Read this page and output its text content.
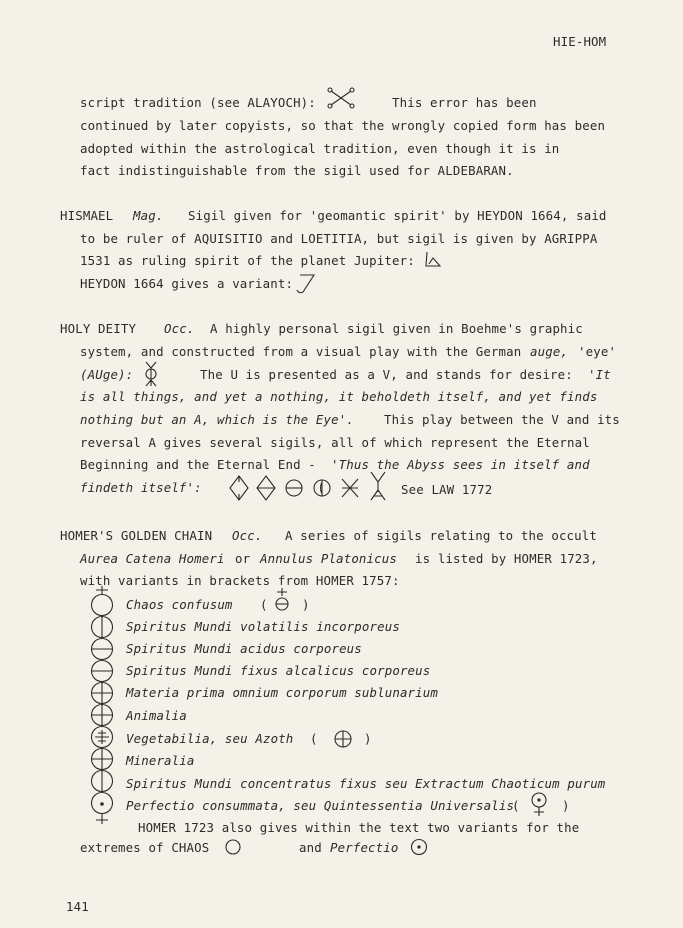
HIE-HOM
script tradition (see ALAYOCH):	This error has been
continued by later copyists, so that the wrongly copied form has been
adopted within the astrological tradition, even though it is in
fact indistinguishable from the sigil used for ALDEBARAN.
HISMAEL Mag. Sigil given for 'geomantic spirit' by HEYDON 1664, said
to be ruler of AQUISITIO and LOETITIA, but sigil is given by AGRIPPA
1531 as ruling spirit of the planet Jupiter:
HEYDON 1664 gives a variant:
HOLY DEITY Occ. A highly personal sigil given in Boehme's graphic
system, and constructed from a visual play with the German auge, 'eye'
(AUge):	The U is presented as a V, and stands for desire: 'It
is all things, and yet a nothing, it beholdeth itself, and yet finds
nothing but an A, which is the Eye'. This play between the V and its
reversal A gives several sigils, all of which represent the Eternal
Beginning and the Eternal End - 'Thus the Abyss sees in itself and
findeth itself':	See LAW 1772
HOMER'S GOLDEN CHAIN Occ. A series of sigils relating to the occult
Aurea Catena Homeri or Annulus Platonicus is listed by HOMER 1723,
with variants in brackets from HOMER 1757:
Chaos confusum (	)
Spiritus Mundi volatilis incorporeus
Spiritus Mundi acidus corporeus
Spiritus Mundi fixus alcalicus corporeus
Materia prima omnium corporum sublunarium
Animalia
Vegetabilia, seu Azoth (	)
Mineralia
Spiritus Mundi concentratus fixus seu Extractum Chaoticum purum
Perfectio consummata, seu Quintessentia Universalis
(	)
HOMER 1723 also gives within the text two variants for the
extremes of CHAOS	and Perfectio
141
